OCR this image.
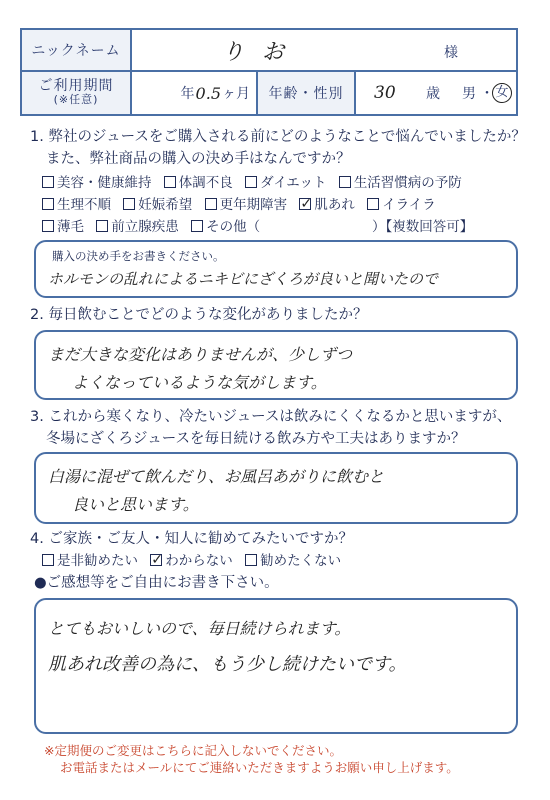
ニックネーム	りお	様
ご利用期間
(※任意)	年 0.5 ヶ月	年齢・性別	30 歳 男 ・ 女
1. 弊社のジュースをご購入される前にどのようなことで悩んでいましたか？
また、弊社商品の購入の決め手はなんですか？
美容・健康維持 体調不良 ダイエット 生活習慣病の予防
生理不順 妊娠希望 更年期障害 ✓ 肌あれ イライラ
薄毛 前立腺疾患 その他（	）【複数回答可】
購入の決め手をお書きください。
ホルモンの乱れによるニキビにざくろが良いと聞いたので
2. 毎日飲むことでどのような変化がありましたか？
まだ大きな変化はありませんが、少しずつ
よくなっているような気がします。
3. これから寒くなり、冷たいジュースは飲みにくくなるかと思いますが、
冬場にざくろジュースを毎日続ける飲み方や工夫はありますか？
白湯に混ぜて飲んだり、お風呂あがりに飲むと
良いと思います。
4. ご家族・ご友人・知人に勧めてみたいですか？
是非勧めたい ✓ わからない 勧めたくない
●ご感想等をご自由にお書き下さい。
とてもおいしいので、毎日続けられます。
肌あれ改善の為に、もう少し続けたいです。
※定期便のご変更はこちらに記入しないでください。
お電話またはメールにてご連絡いただきますようお願い申し上げます。
